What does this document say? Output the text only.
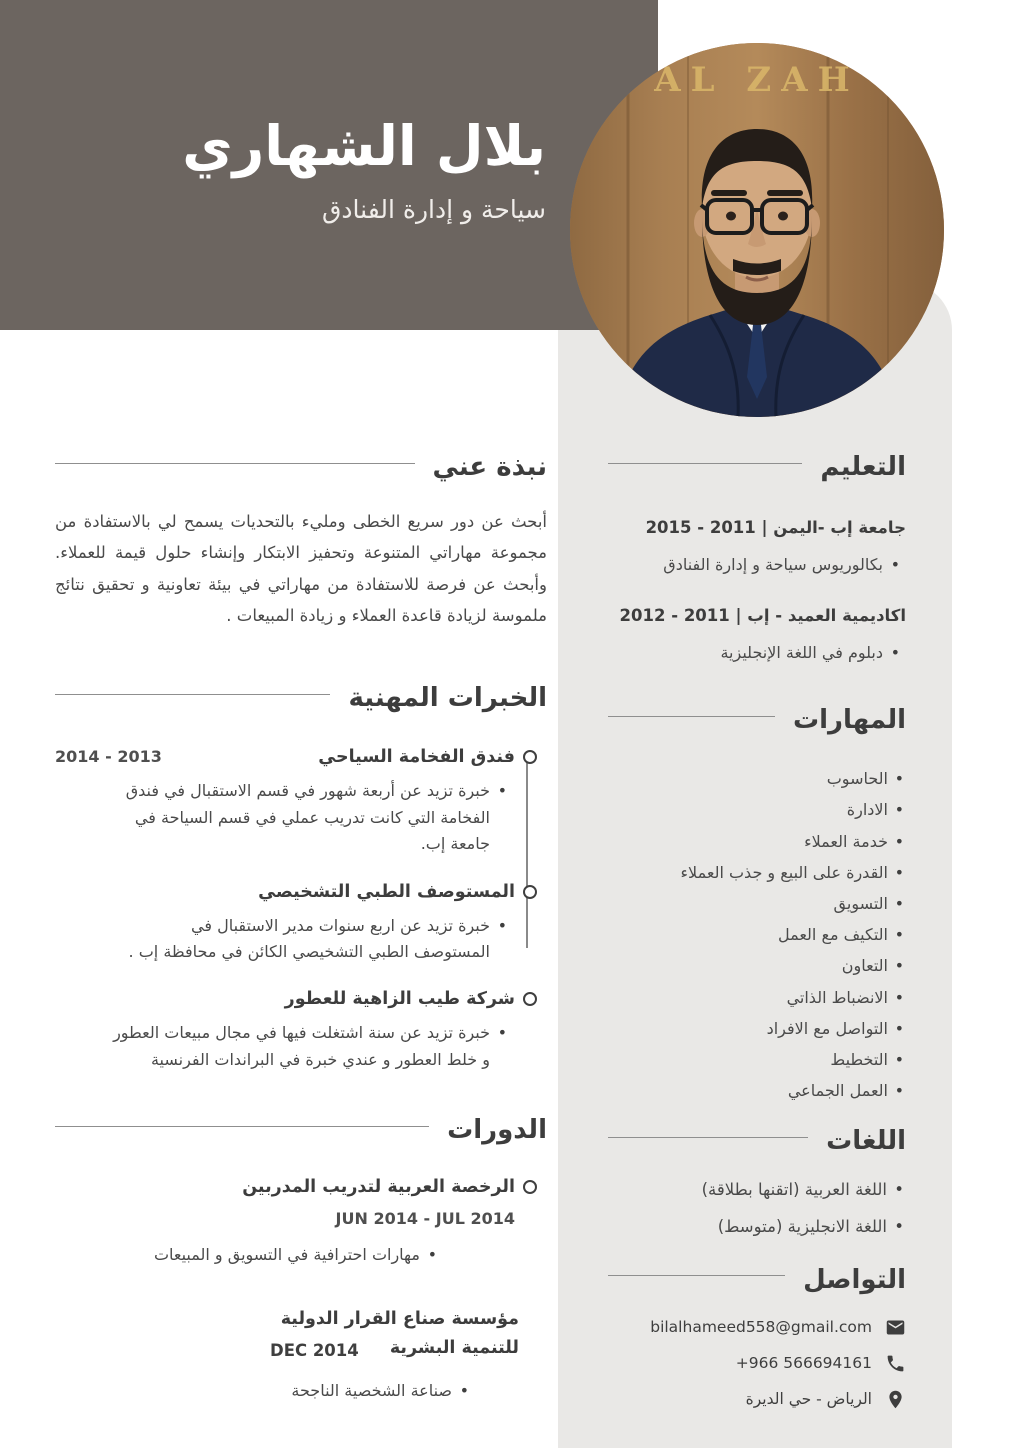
التعليم
جامعة إب -اليمن | 2011 - 2015
• بكالوريوس سياحة و إدارة الفنادق
اكاديمية العميد - إب | 2011 - 2012
• دبلوم في اللغة الإنجليزية
المهارات
• الحاسوب
• الادارة
• خدمة العملاء
• القدرة على البيع و جذب العملاء
• التسويق
• التكيف مع العمل
• التعاون
• الانضباط الذاتي
• التواصل مع الافراد
• التخطيط
• العمل الجماعي
اللغات
• اللغة العربية (اتقنها بطلاقة)
• اللغة الانجليزية (متوسط)
التواصل
bilalhameed558@gmail.com
+966 566694161
الرياض - حي الديرة
بلال الشهاري
سياحة و إدارة الفنادق
AL ZAH
نبذة عني

أبحث عن دور سريع الخطى ومليء بالتحديات يسمح لي بالاستفادة من مجموعة مهاراتي المتنوعة وتحفيز الابتكار وإنشاء حلول قيمة للعملاء. وأبحث عن فرصة للاستفادة من مهاراتي في بيئة تعاونية و تحقيق نتائج ملموسة لزيادة قاعدة العملاء و زيادة المبيعات .

الخبرات المهنية
فندق الفخامة السياحي
2013 - 2014
• خبرة تزيد عن أربعة شهور في قسم الاستقبال في فندق الفخامة التي كانت تدريب عملي في قسم السياحة في جامعة إب.
المستوصف الطبي التشخيصي
• خبرة تزيد عن اربع سنوات مدير الاستقبال في المستوصف الطبي التشخيصي الكائن في محافظة إب .
شركة طيب الزاهية للعطور
• خبرة تزيد عن سنة اشتغلت فيها في مجال مبيعات العطور و خلط العطور و عندي خبرة في البراندات الفرنسية
الدورات
الرخصة العربية لتدريب المدربين
JUN 2014 - JUL 2014
• مهارات احترافية في التسويق و المبيعات
مؤسسة صناع القرار الدولية للتنمية البشرية
DEC 2014
• صناعة الشخصية الناجحة
